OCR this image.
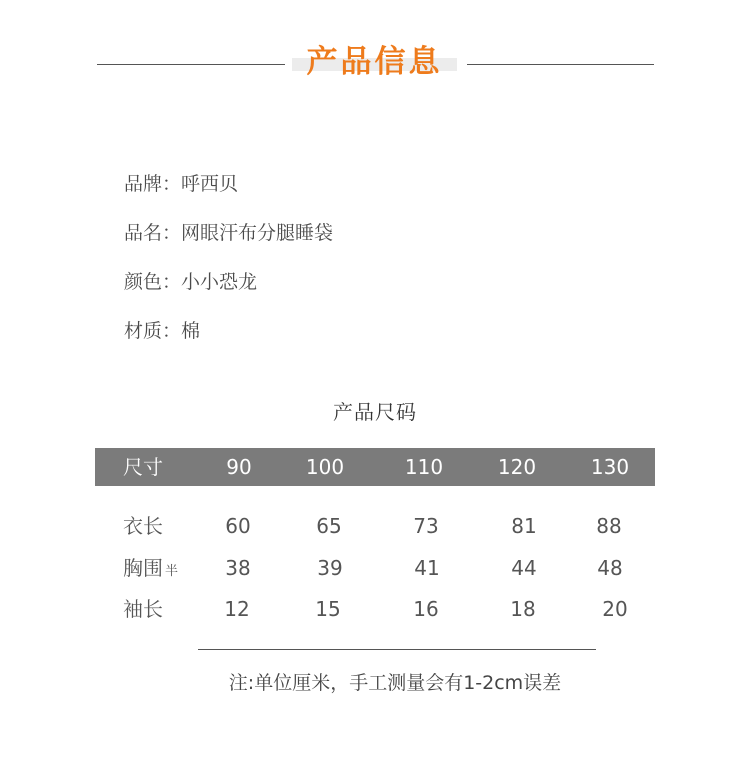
产品信息
品牌：呼西贝
品名：网眼汗布分腿睡袋
颜色：小小恐龙
材质：棉
产品尺码
尺寸	90	100	110	120	130
衣长	60	65	73	81	88
胸围 半	38	39	41	44	48
袖长	12	15	16	18	20
注:单位厘米，手工测量会有1-2cm误差
